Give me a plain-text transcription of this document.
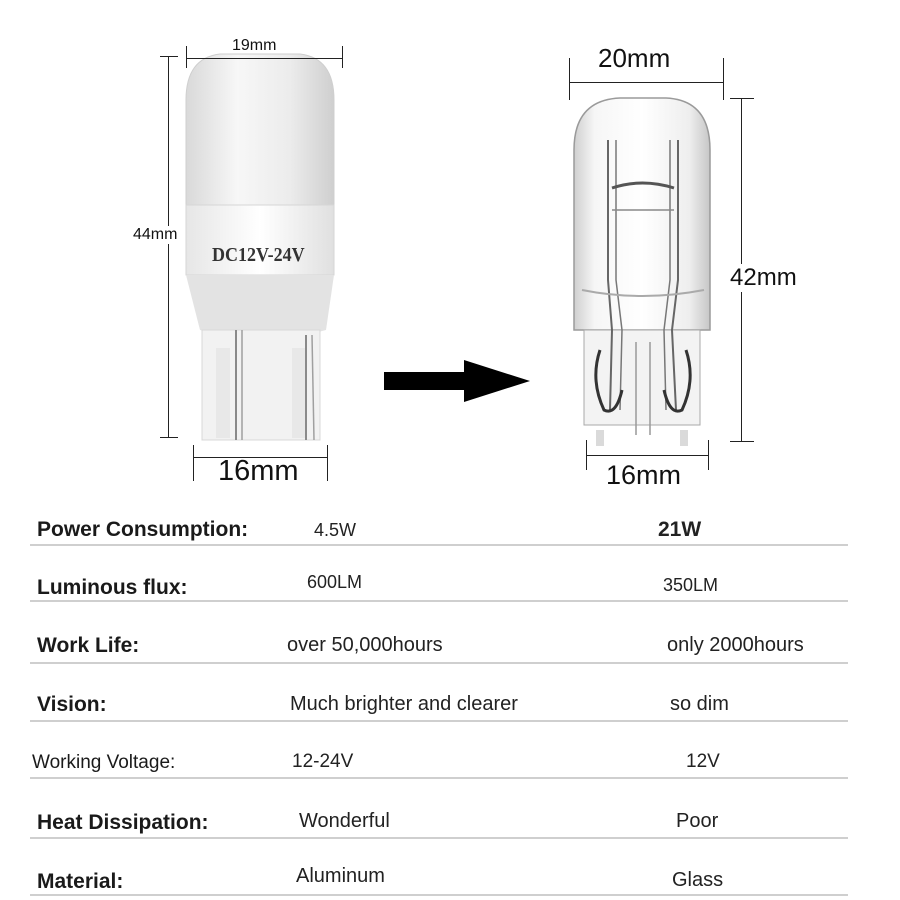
DC12V-24V
19mm
44mm
16mm
20mm
42mm
16mm
Power Consumption:	4.5W	21W
Luminous flux:	600LM	350LM
Work Life:	over 50,000hours	only 2000hours
Vision:	Much brighter and clearer	so dim
Working Voltage:	12-24V	12V
Heat Dissipation:	Wonderful	Poor
Material:	Aluminum	Glass
